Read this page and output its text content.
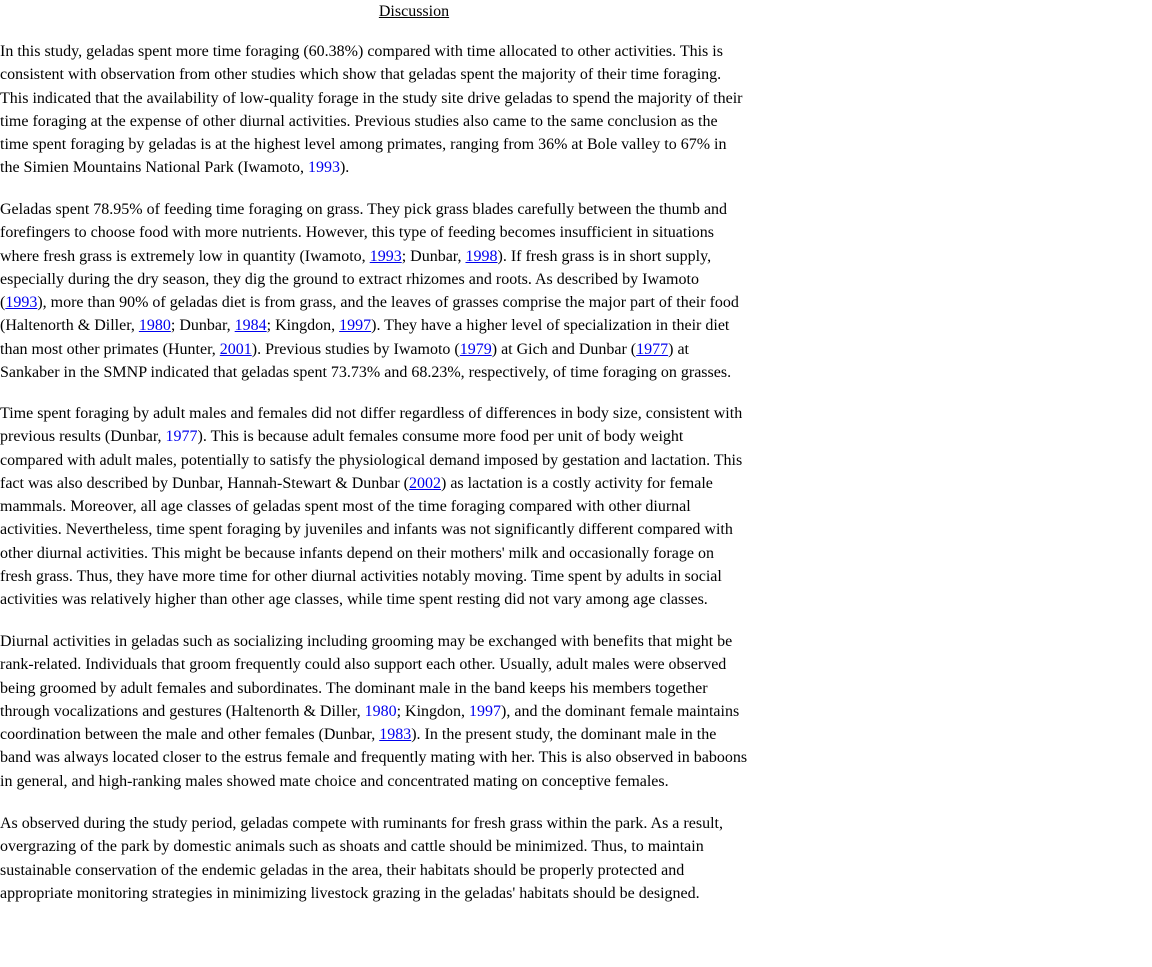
Discussion
In this study, geladas spent more time foraging (60.38%) compared with time allocated to other activities. This is
consistent with observation from other studies which show that geladas spent the majority of their time foraging.
This indicated that the availability of low-quality forage in the study site drive geladas to spend the majority of their
time foraging at the expense of other diurnal activities. Previous studies also came to the same conclusion as the
time spent foraging by geladas is at the highest level among primates, ranging from 36% at Bole valley to 67% in
the Simien Mountains National Park (Iwamoto, 1993).
Geladas spent 78.95% of feeding time foraging on grass. They pick grass blades carefully between the thumb and
forefingers to choose food with more nutrients. However, this type of feeding becomes insufficient in situations
where fresh grass is extremely low in quantity (Iwamoto, 1993; Dunbar, 1998). If fresh grass is in short supply,
especially during the dry season, they dig the ground to extract rhizomes and roots. As described by Iwamoto
(1993), more than 90% of geladas diet is from grass, and the leaves of grasses comprise the major part of their food
(Haltenorth & Diller, 1980; Dunbar, 1984; Kingdon, 1997). They have a higher level of specialization in their diet
than most other primates (Hunter, 2001). Previous studies by Iwamoto (1979) at Gich and Dunbar (1977) at
Sankaber in the SMNP indicated that geladas spent 73.73% and 68.23%, respectively, of time foraging on grasses.
Time spent foraging by adult males and females did not differ regardless of differences in body size, consistent with
previous results (Dunbar, 1977). This is because adult females consume more food per unit of body weight
compared with adult males, potentially to satisfy the physiological demand imposed by gestation and lactation. This
fact was also described by Dunbar, Hannah-Stewart & Dunbar (2002) as lactation is a costly activity for female
mammals. Moreover, all age classes of geladas spent most of the time foraging compared with other diurnal
activities. Nevertheless, time spent foraging by juveniles and infants was not significantly different compared with
other diurnal activities. This might be because infants depend on their mothers' milk and occasionally forage on
fresh grass. Thus, they have more time for other diurnal activities notably moving. Time spent by adults in social
activities was relatively higher than other age classes, while time spent resting did not vary among age classes.
Diurnal activities in geladas such as socializing including grooming may be exchanged with benefits that might be
rank-related. Individuals that groom frequently could also support each other. Usually, adult males were observed
being groomed by adult females and subordinates. The dominant male in the band keeps his members together
through vocalizations and gestures (Haltenorth & Diller, 1980; Kingdon, 1997), and the dominant female maintains
coordination between the male and other females (Dunbar, 1983). In the present study, the dominant male in the
band was always located closer to the estrus female and frequently mating with her. This is also observed in baboons
in general, and high-ranking males showed mate choice and concentrated mating on conceptive females.
As observed during the study period, geladas compete with ruminants for fresh grass within the park. As a result,
overgrazing of the park by domestic animals such as shoats and cattle should be minimized. Thus, to maintain
sustainable conservation of the endemic geladas in the area, their habitats should be properly protected and
appropriate monitoring strategies in minimizing livestock grazing in the geladas' habitats should be designed.
